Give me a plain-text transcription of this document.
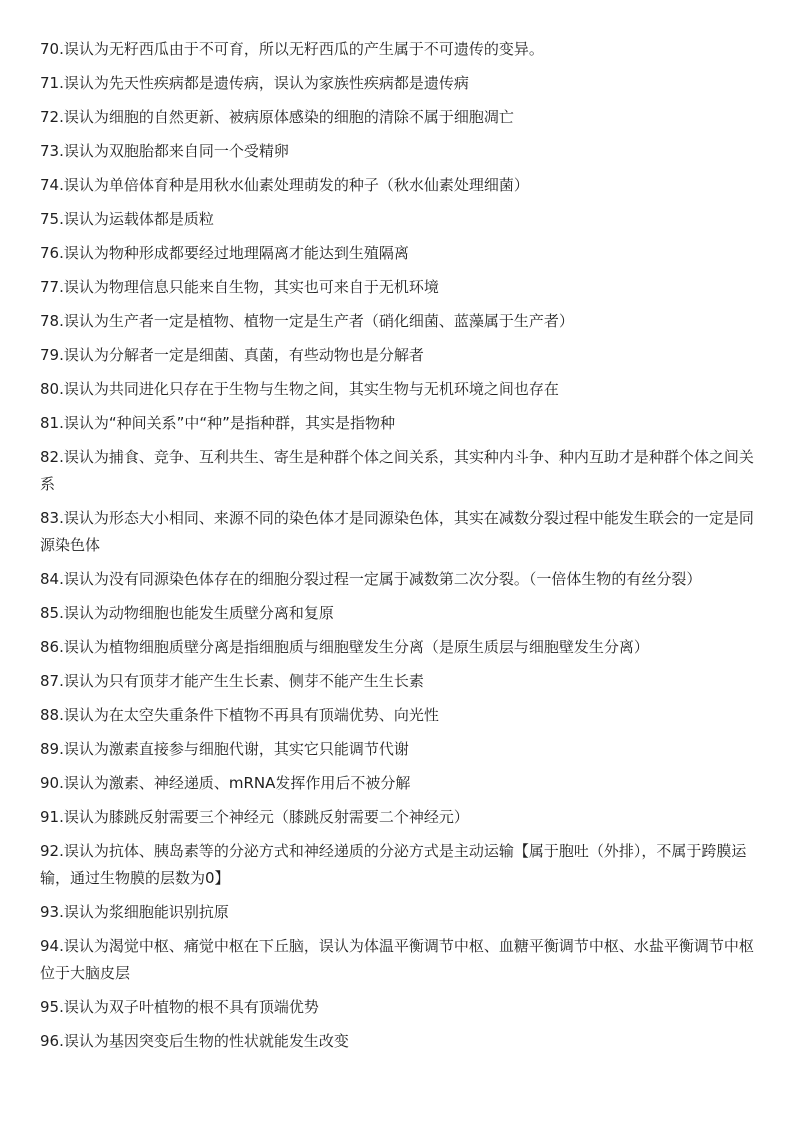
70.误认为无籽西瓜由于不可育，所以无籽西瓜的产生属于不可遗传的变异。
71.误认为先天性疾病都是遗传病，误认为家族性疾病都是遗传病
72.误认为细胞的自然更新、被病原体感染的细胞的清除不属于细胞凋亡
73.误认为双胞胎都来自同一个受精卵
74.误认为单倍体育种是用秋水仙素处理萌发的种子（秋水仙素处理细菌）
75.误认为运载体都是质粒
76.误认为物种形成都要经过地理隔离才能达到生殖隔离
77.误认为物理信息只能来自生物，其实也可来自于无机环境
78.误认为生产者一定是植物、植物一定是生产者（硝化细菌、蓝藻属于生产者）
79.误认为分解者一定是细菌、真菌，有些动物也是分解者
80.误认为共同进化只存在于生物与生物之间，其实生物与无机环境之间也存在
81.误认为“种间关系”中“种”是指种群，其实是指物种
82.误认为捕食、竞争、互利共生、寄生是种群个体之间关系，其实种内斗争、种内互助才是种群个体之间关系
83.误认为形态大小相同、来源不同的染色体才是同源染色体，其实在减数分裂过程中能发生联会的一定是同源染色体
84.误认为没有同源染色体存在的细胞分裂过程一定属于减数第二次分裂。（一倍体生物的有丝分裂）
85.误认为动物细胞也能发生质壁分离和复原
86.误认为植物细胞质壁分离是指细胞质与细胞壁发生分离（是原生质层与细胞壁发生分离）
87.误认为只有顶芽才能产生生长素、侧芽不能产生生长素
88.误认为在太空失重条件下植物不再具有顶端优势、向光性
89.误认为激素直接参与细胞代谢，其实它只能调节代谢
90.误认为激素、神经递质、mRNA发挥作用后不被分解
91.误认为膝跳反射需要三个神经元（膝跳反射需要二个神经元）
92.误认为抗体、胰岛素等的分泌方式和神经递质的分泌方式是主动运输【属于胞吐（外排），不属于跨膜运输，通过生物膜的层数为0】
93.误认为浆细胞能识别抗原
94.误认为渴觉中枢、痛觉中枢在下丘脑，误认为体温平衡调节中枢、血糖平衡调节中枢、水盐平衡调节中枢位于大脑皮层
95.误认为双子叶植物的根不具有顶端优势
96.误认为基因突变后生物的性状就能发生改变
